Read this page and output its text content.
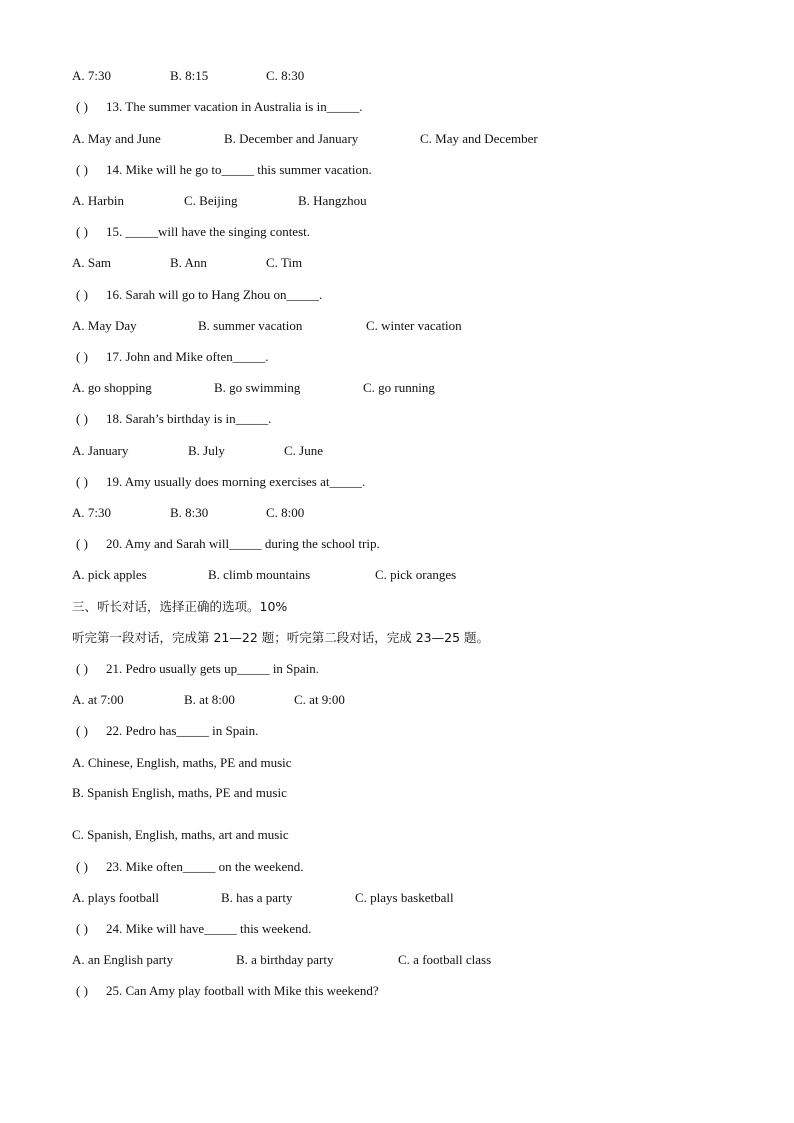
A. 7:30	B. 8:15	C. 8:30
( ) 13. The summer vacation in Australia is in_____.
A. May and June	B. December and January	C. May and December
( ) 14. Mike will he go to_____ this summer vacation.
A. Harbin	C. Beijing	B. Hangzhou
( ) 15. _____will have the singing contest.
A. Sam	B. Ann	C. Tim
( ) 16. Sarah will go to Hang Zhou on_____.
A. May Day	B. summer vacation	C. winter vacation
( ) 17. John and Mike often_____.
A. go shopping	B. go swimming	C. go running
( ) 18. Sarah’s birthday is in_____.
A. January	B. July	C. June
( ) 19. Amy usually does morning exercises at_____.
A. 7:30	B. 8:30	C. 8:00
( ) 20. Amy and Sarah will_____ during the school trip.
A. pick apples	B. climb mountains	C. pick oranges
三、听长对话，选择正确的选项。10%
听完第一段对话，完成第 21—22 题；听完第二段对话，完成 23—25 题。
( ) 21. Pedro usually gets up_____ in Spain.
A. at 7:00	B. at 8:00	C. at 9:00
( ) 22. Pedro has_____ in Spain.
A. Chinese, English, maths, PE and music
B. Spanish English, maths, PE and music
C. Spanish, English, maths, art and music
( ) 23. Mike often_____ on the weekend.
A. plays football	B. has a party	C. plays basketball
( ) 24. Mike will have_____ this weekend.
A. an English party	B. a birthday party	C. a football class
( ) 25. Can Amy play football with Mike this weekend?
